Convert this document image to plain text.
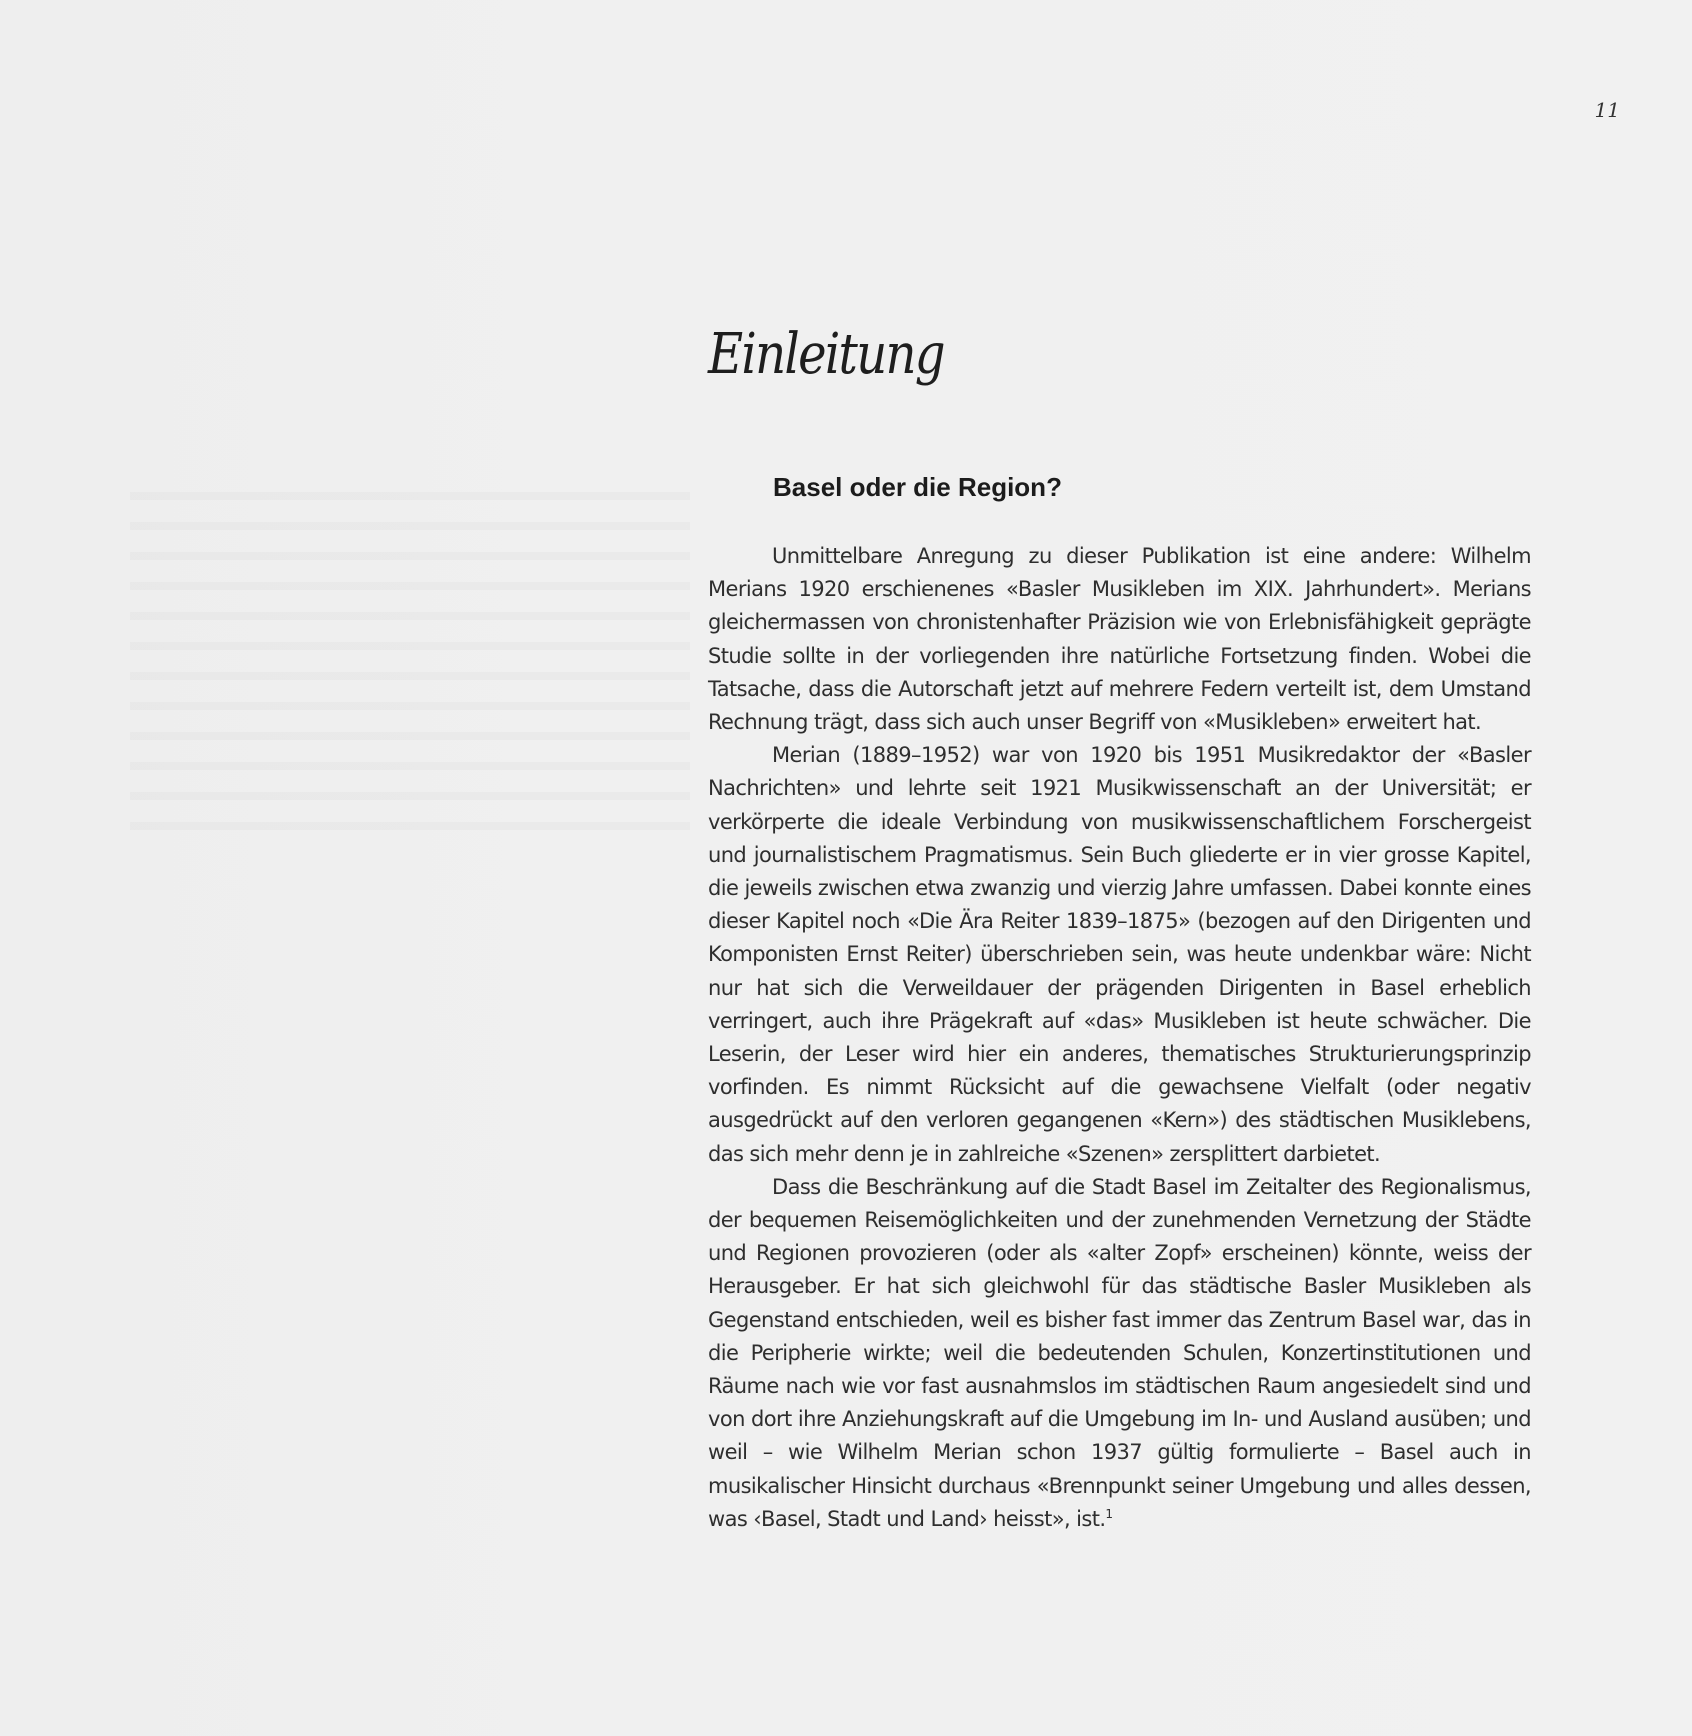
11
Einleitung
Basel oder die Region?

Unmittelbare Anregung zu dieser Publikation ist eine andere: Wilhelm Merians 1920 erschienenes «Basler Musikleben im XIX. Jahrhundert». Merians gleichermassen von chronistenhafter Präzision wie von Erlebnisfähigkeit geprägte Studie sollte in der vorliegenden ihre natürliche Fortsetzung finden. Wobei die Tatsache, dass die Autorschaft jetzt auf mehrere Federn verteilt ist, dem Umstand Rechnung trägt, dass sich auch unser Begriff von «Musikleben» erweitert hat.

Merian (1889–1952) war von 1920 bis 1951 Musikredaktor der «Basler Nachrichten» und lehrte seit 1921 Musikwissenschaft an der Universität; er verkörperte die ideale Verbindung von musikwissenschaftlichem Forschergeist und journalistischem Pragmatismus. Sein Buch gliederte er in vier grosse Kapitel, die jeweils zwischen etwa zwanzig und vierzig Jahre umfassen. Dabei konnte eines dieser Kapitel noch «Die Ära Reiter 1839–1875» (bezogen auf den Dirigenten und Komponisten Ernst Reiter) überschrieben sein, was heute undenkbar wäre: Nicht nur hat sich die Verweildauer der prägenden Dirigenten in Basel erheblich verringert, auch ihre Prägekraft auf «das» Musikleben ist heute schwächer. Die Leserin, der Leser wird hier ein anderes, thematisches Strukturierungsprinzip vorfinden. Es nimmt Rücksicht auf die gewachsene Vielfalt (oder negativ ausgedrückt auf den verloren gegangenen «Kern») des städtischen Musiklebens, das sich mehr denn je in zahlreiche «Szenen» zersplittert darbietet.

Dass die Beschränkung auf die Stadt Basel im Zeitalter des Regionalismus, der bequemen Reisemöglichkeiten und der zunehmenden Vernetzung der Städte und Regionen provozieren (oder als «alter Zopf» erscheinen) könnte, weiss der Herausgeber. Er hat sich gleichwohl für das städtische Basler Musikleben als Gegenstand entschieden, weil es bisher fast immer das Zentrum Basel war, das in die Peripherie wirkte; weil die bedeutenden Schulen, Konzertinstitutionen und Räume nach wie vor fast ausnahmslos im städtischen Raum angesiedelt sind und von dort ihre Anziehungskraft auf die Umgebung im In- und Ausland ausüben; und weil – wie Wilhelm Merian schon 1937 gültig formulierte – Basel auch in musikalischer Hinsicht durchaus «Brennpunkt seiner Umgebung und alles dessen, was ‹Basel, Stadt und Land› heisst», ist.$^1$
